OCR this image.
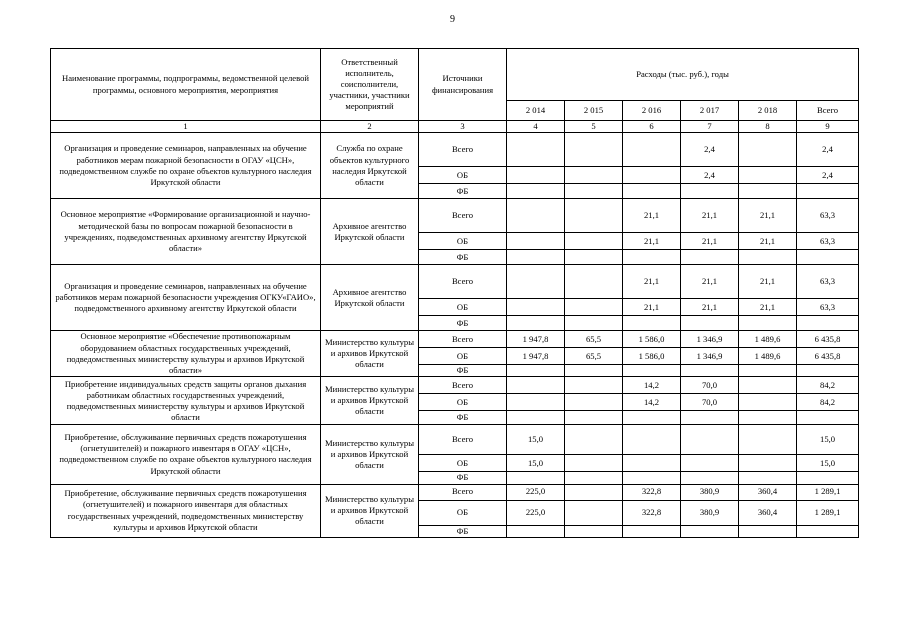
9
Наименование программы, подпрограммы, ведомственной целевой программы, основного мероприятия, мероприятия	Ответственный исполнитель, соисполнители, участники, участники мероприятий	Источники финансирования	Расходы (тыс. руб.), годы					
			2 014	2 015	2 016	2 017	2 018	Всего
1	2	3	4	5	6	7	8	9
Организация и проведение семинаров, направленных на обучение работников мерам пожарной безопасности в ОГАУ «ЦСН», подведомственном службе по охране объектов культурного наследия Иркутской области	Служба по охране объектов культурного наследия Иркутской области	Всего				2,4		2,4
		ОБ				2,4		2,4
		ФБ						
Основное мероприятие «Формирование организационной и научно-методической базы по вопросам пожарной безопасности в учреждениях, подведомственных архивному агентству Иркутской области»	Архивное агентство Иркутской области	Всего			21,1	21,1	21,1	63,3
		ОБ			21,1	21,1	21,1	63,3
		ФБ						
Организация и проведение семинаров, направленных на обучение работников мерам пожарной безопасности учреждения ОГКУ«ГАИО», подведомственного архивному агентству Иркутской области	Архивное агентство Иркутской области	Всего			21,1	21,1	21,1	63,3
		ОБ			21,1	21,1	21,1	63,3
		ФБ						
Основное мероприятие «Обеспечение противопожарным оборудованием областных государственных учреждений, подведомственных министерству культуры и архивов Иркутской области»	Министерство культуры и архивов Иркутской области	Всего	1 947,8	65,5	1 586,0	1 346,9	1 489,6	6 435,8
		ОБ	1 947,8	65,5	1 586,0	1 346,9	1 489,6	6 435,8
		ФБ						
Приобретение индивидуальных средств защиты органов дыхания работникам областных государственных учреждений, подведомственных министерству культуры и архивов Иркутской области	Министерство культуры и архивов Иркутской области	Всего			14,2	70,0		84,2
		ОБ			14,2	70,0		84,2
		ФБ						
Приобретение, обслуживание первичных средств пожаротушения (огнетушителей) и пожарного инвентаря в ОГАУ «ЦСН», подведомственном службе по охране объектов культурного наследия Иркутской области	Министерство культуры и архивов Иркутской области	Всего	15,0					15,0
		ОБ	15,0					15,0
		ФБ						
Приобретение, обслуживание первичных средств пожаротушения (огнетушителей) и пожарного инвентаря для областных государственных учреждений, подведомственных министерству культуры и архивов Иркутской области	Министерство культуры и архивов Иркутской области	Всего	225,0		322,8	380,9	360,4	1 289,1
		ОБ	225,0		322,8	380,9	360,4	1 289,1
		ФБ						
